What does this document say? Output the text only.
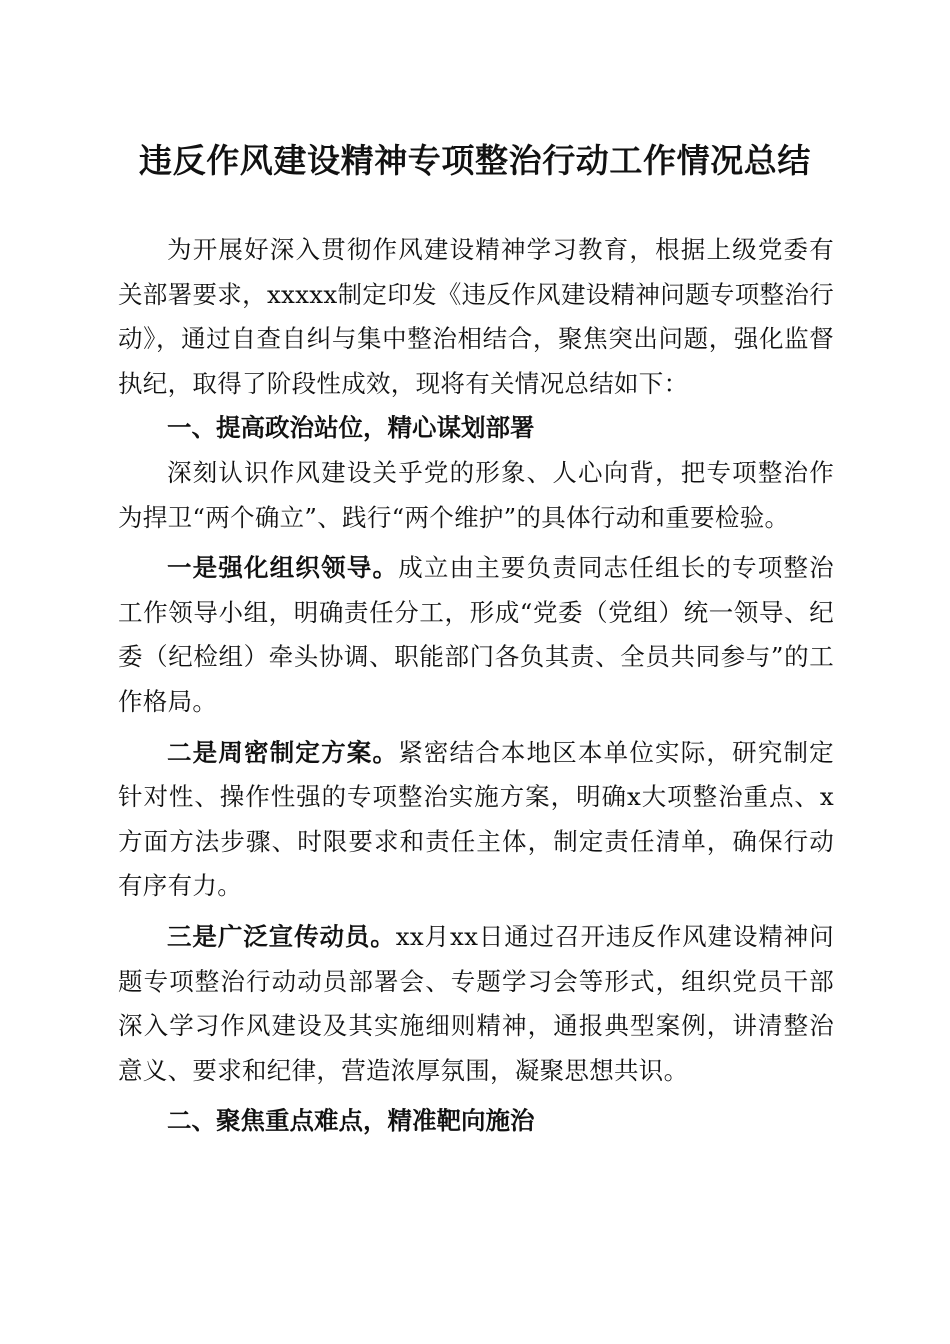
违反作风建设精神专项整治行动工作情况总结

为开展好深入贯彻作风建设精神学习教育，根据上级党委有关部署要求，xxxxx制定印发《违反作风建设精神问题专项整治行动》，通过自查自纠与集中整治相结合，聚焦突出问题，强化监督执纪，取得了阶段性成效，现将有关情况总结如下：

一、提高政治站位，精心谋划部署

深刻认识作风建设关乎党的形象、人心向背，把专项整治作为捍卫“两个确立”、践行“两个维护”的具体行动和重要检验。

一是强化组织领导。成立由主要负责同志任组长的专项整治工作领导小组，明确责任分工，形成“党委（党组）统一领导、纪委（纪检组）牵头协调、职能部门各负其责、全员共同参与”的工作格局。

二是周密制定方案。紧密结合本地区本单位实际，研究制定针对性、操作性强的专项整治实施方案，明确x大项整治重点、x方面方法步骤、时限要求和责任主体，制定责任清单，确保行动有序有力。

三是广泛宣传动员。xx月xx日通过召开违反作风建设精神问题专项整治行动动员部署会、专题学习会等形式，组织党员干部深入学习作风建设及其实施细则精神，通报典型案例，讲清整治意义、要求和纪律，营造浓厚氛围，凝聚思想共识。

二、聚焦重点难点，精准靶向施治
